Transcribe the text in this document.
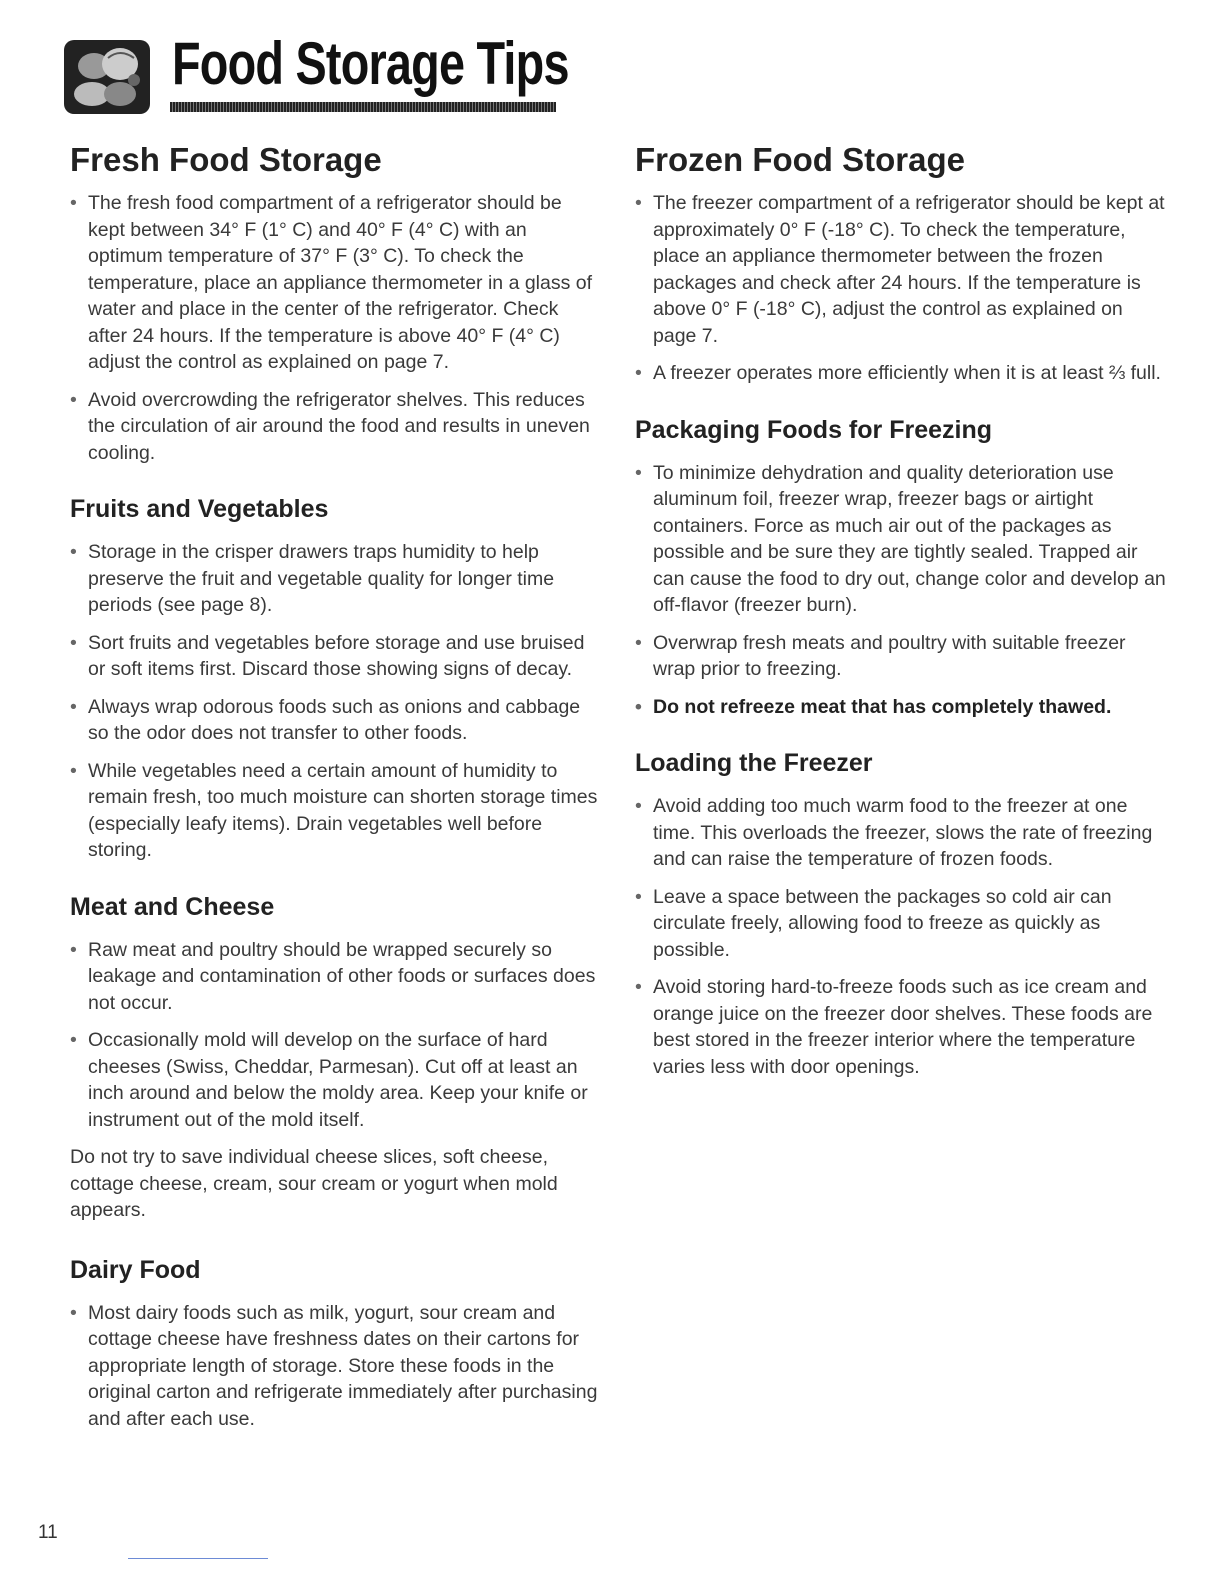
Food Storage Tips
Fresh Food Storage
• The fresh food compartment of a refrigerator should be kept between 34° F (1° C) and 40° F (4° C) with an optimum temperature of 37° F (3° C). To check the temperature, place an appliance thermometer in a glass of water and place in the center of the refrigerator. Check after 24 hours. If the temperature is above 40° F (4° C) adjust the control as explained on page 7.
• Avoid overcrowding the refrigerator shelves. This reduces the circulation of air around the food and results in uneven cooling.
Fruits and Vegetables
• Storage in the crisper drawers traps humidity to help preserve the fruit and vegetable quality for longer time periods (see page 8).
• Sort fruits and vegetables before storage and use bruised or soft items first. Discard those showing signs of decay.
• Always wrap odorous foods such as onions and cabbage so the odor does not transfer to other foods.
• While vegetables need a certain amount of humidity to remain fresh, too much moisture can shorten storage times (especially leafy items). Drain vegetables well before storing.
Meat and Cheese
• Raw meat and poultry should be wrapped securely so leakage and contamination of other foods or surfaces does not occur.
• Occasionally mold will develop on the surface of hard cheeses (Swiss, Cheddar, Parmesan). Cut off at least an inch around and below the moldy area. Keep your knife or instrument out of the mold itself.

Do not try to save individual cheese slices, soft cheese, cottage cheese, cream, sour cream or yogurt when mold appears.

Dairy Food
• Most dairy foods such as milk, yogurt, sour cream and cottage cheese have freshness dates on their cartons for appropriate length of storage. Store these foods in the original carton and refrigerate immediately after purchasing and after each use.
Frozen Food Storage
• The freezer compartment of a refrigerator should be kept at approximately 0° F (-18° C). To check the temperature, place an appliance thermometer between the frozen packages and check after 24 hours. If the temperature is above 0° F (-18° C), adjust the control as explained on page 7.
• A freezer operates more efficiently when it is at least ⅔ full.
Packaging Foods for Freezing
• To minimize dehydration and quality deterioration use aluminum foil, freezer wrap, freezer bags or airtight containers. Force as much air out of the packages as possible and be sure they are tightly sealed. Trapped air can cause the food to dry out, change color and develop an off-flavor (freezer burn).
• Overwrap fresh meats and poultry with suitable freezer wrap prior to freezing.
• Do not refreeze meat that has completely thawed.
Loading the Freezer
• Avoid adding too much warm food to the freezer at one time. This overloads the freezer, slows the rate of freezing and can raise the temperature of frozen foods.
• Leave a space between the packages so cold air can circulate freely, allowing food to freeze as quickly as possible.
• Avoid storing hard-to-freeze foods such as ice cream and orange juice on the freezer door shelves. These foods are best stored in the freezer interior where the temperature varies less with door openings.
11
